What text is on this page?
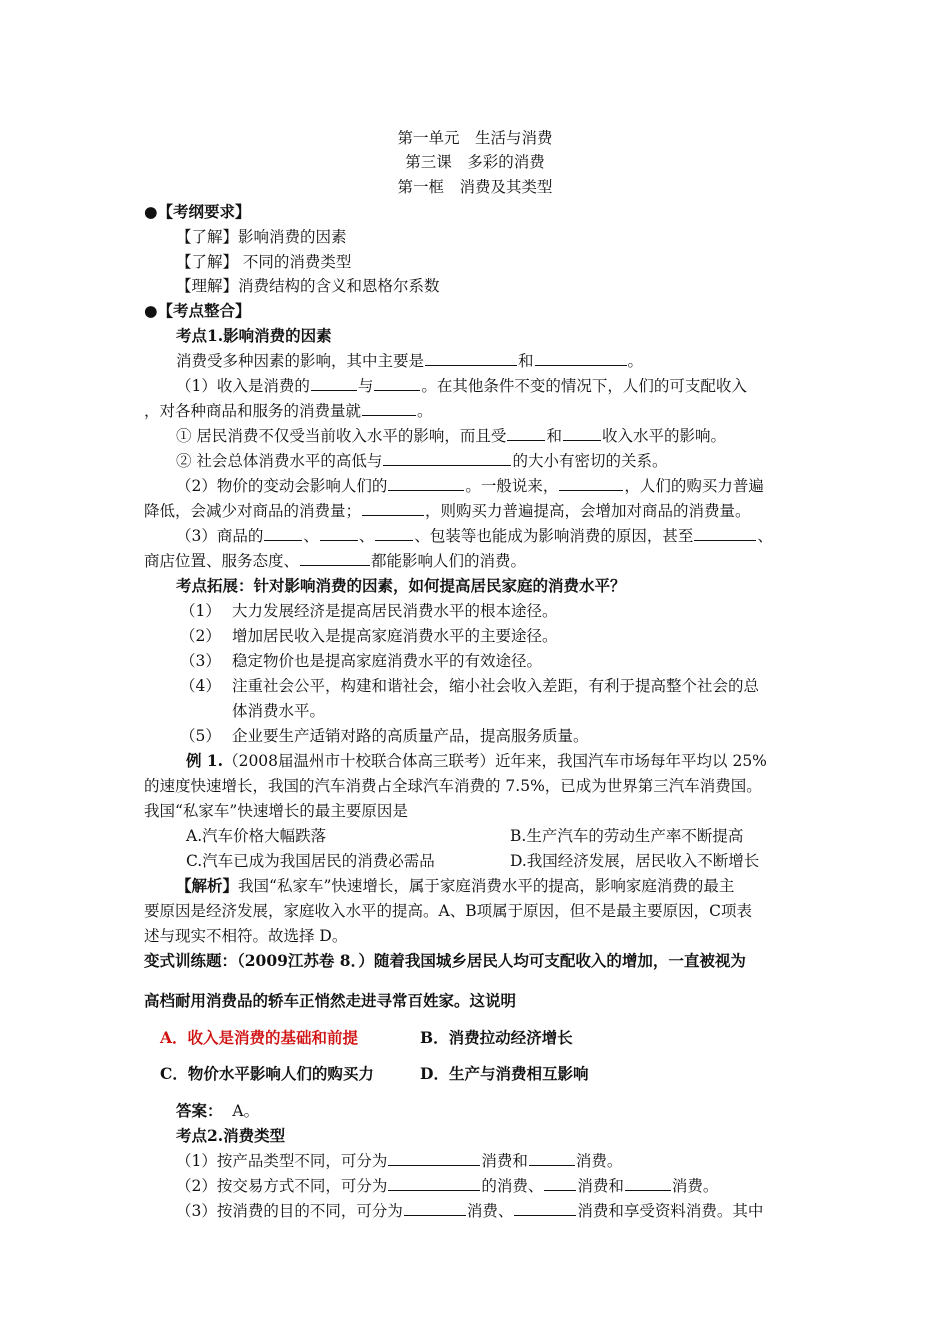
第一单元　生活与消费
第三课　多彩的消费
第一框　消费及其类型
●【考纲要求】
【了解】影响消费的因素
【了解】 不同的消费类型
【理解】消费结构的含义和恩格尔系数
●【考点整合】
考点1.影响消费的因素
消费受多种因素的影响，其中主要是	和	。
（1）收入是消费的	与	。在其他条件不变的情况下，人们的可支配收入
，对各种商品和服务的消费量就	。
① 居民消费不仅受当前收入水平的影响，而且受	和	收入水平的影响。
② 社会总体消费水平的高低与	的大小有密切的关系。
（2）物价的变动会影响人们的	。一般说来，	，人们的购买力普遍
降低，会减少对商品的消费量；	，则购买力普遍提高，会增加对商品的消费量。
（3）商品的	、	、	、包装等也能成为影响消费的原因，甚至	、
商店位置、服务态度、	都能影响人们的消费。
考点拓展：针对影响消费的因素，如何提高居民家庭的消费水平？
（1） 大力发展经济是提高居民消费水平的根本途径。
（2） 增加居民收入是提高家庭消费水平的主要途径。
（3） 稳定物价也是提高家庭消费水平的有效途径。
（4） 注重社会公平，构建和谐社会，缩小社会收入差距，有利于提高整个社会的总
体消费水平。
（5） 企业要生产适销对路的高质量产品，提高服务质量。
例 1.（2008届温州市十校联合体高三联考）近年来，我国汽车市场每年平均以 25%
的速度快速增长，我国的汽车消费占全球汽车消费的 7.5%，已成为世界第三汽车消费国。
我国“私家车”快速增长的最主要原因是
A.汽车价格大幅跌落	B.生产汽车的劳动生产率不断提高
C.汽车已成为我国居民的消费必需品	D.我国经济发展，居民收入不断增长
【解析】我国“私家车”快速增长，属于家庭消费水平的提高，影响家庭消费的最主
要原因是经济发展，家庭收入水平的提高。A、B项属于原因，但不是最主要原因，C项表
述与现实不相符。故选择 D。
变式训练题：（2009江苏卷 8．）随着我国城乡居民人均可支配收入的增加，一直被视为
高档耐用消费品的轿车正悄然走进寻常百姓家。这说明
A．收入是消费的基础和前提	B．消费拉动经济增长
C．物价水平影响人们的购买力	D．生产与消费相互影响
答案： A。
考点2.消费类型
（1）按产品类型不同，可分为	消费和	消费。
（2）按交易方式不同，可分为	的消费、 消费和	消费。
（3）按消费的目的不同，可分为	消费、	消费和享受资料消费。其中
